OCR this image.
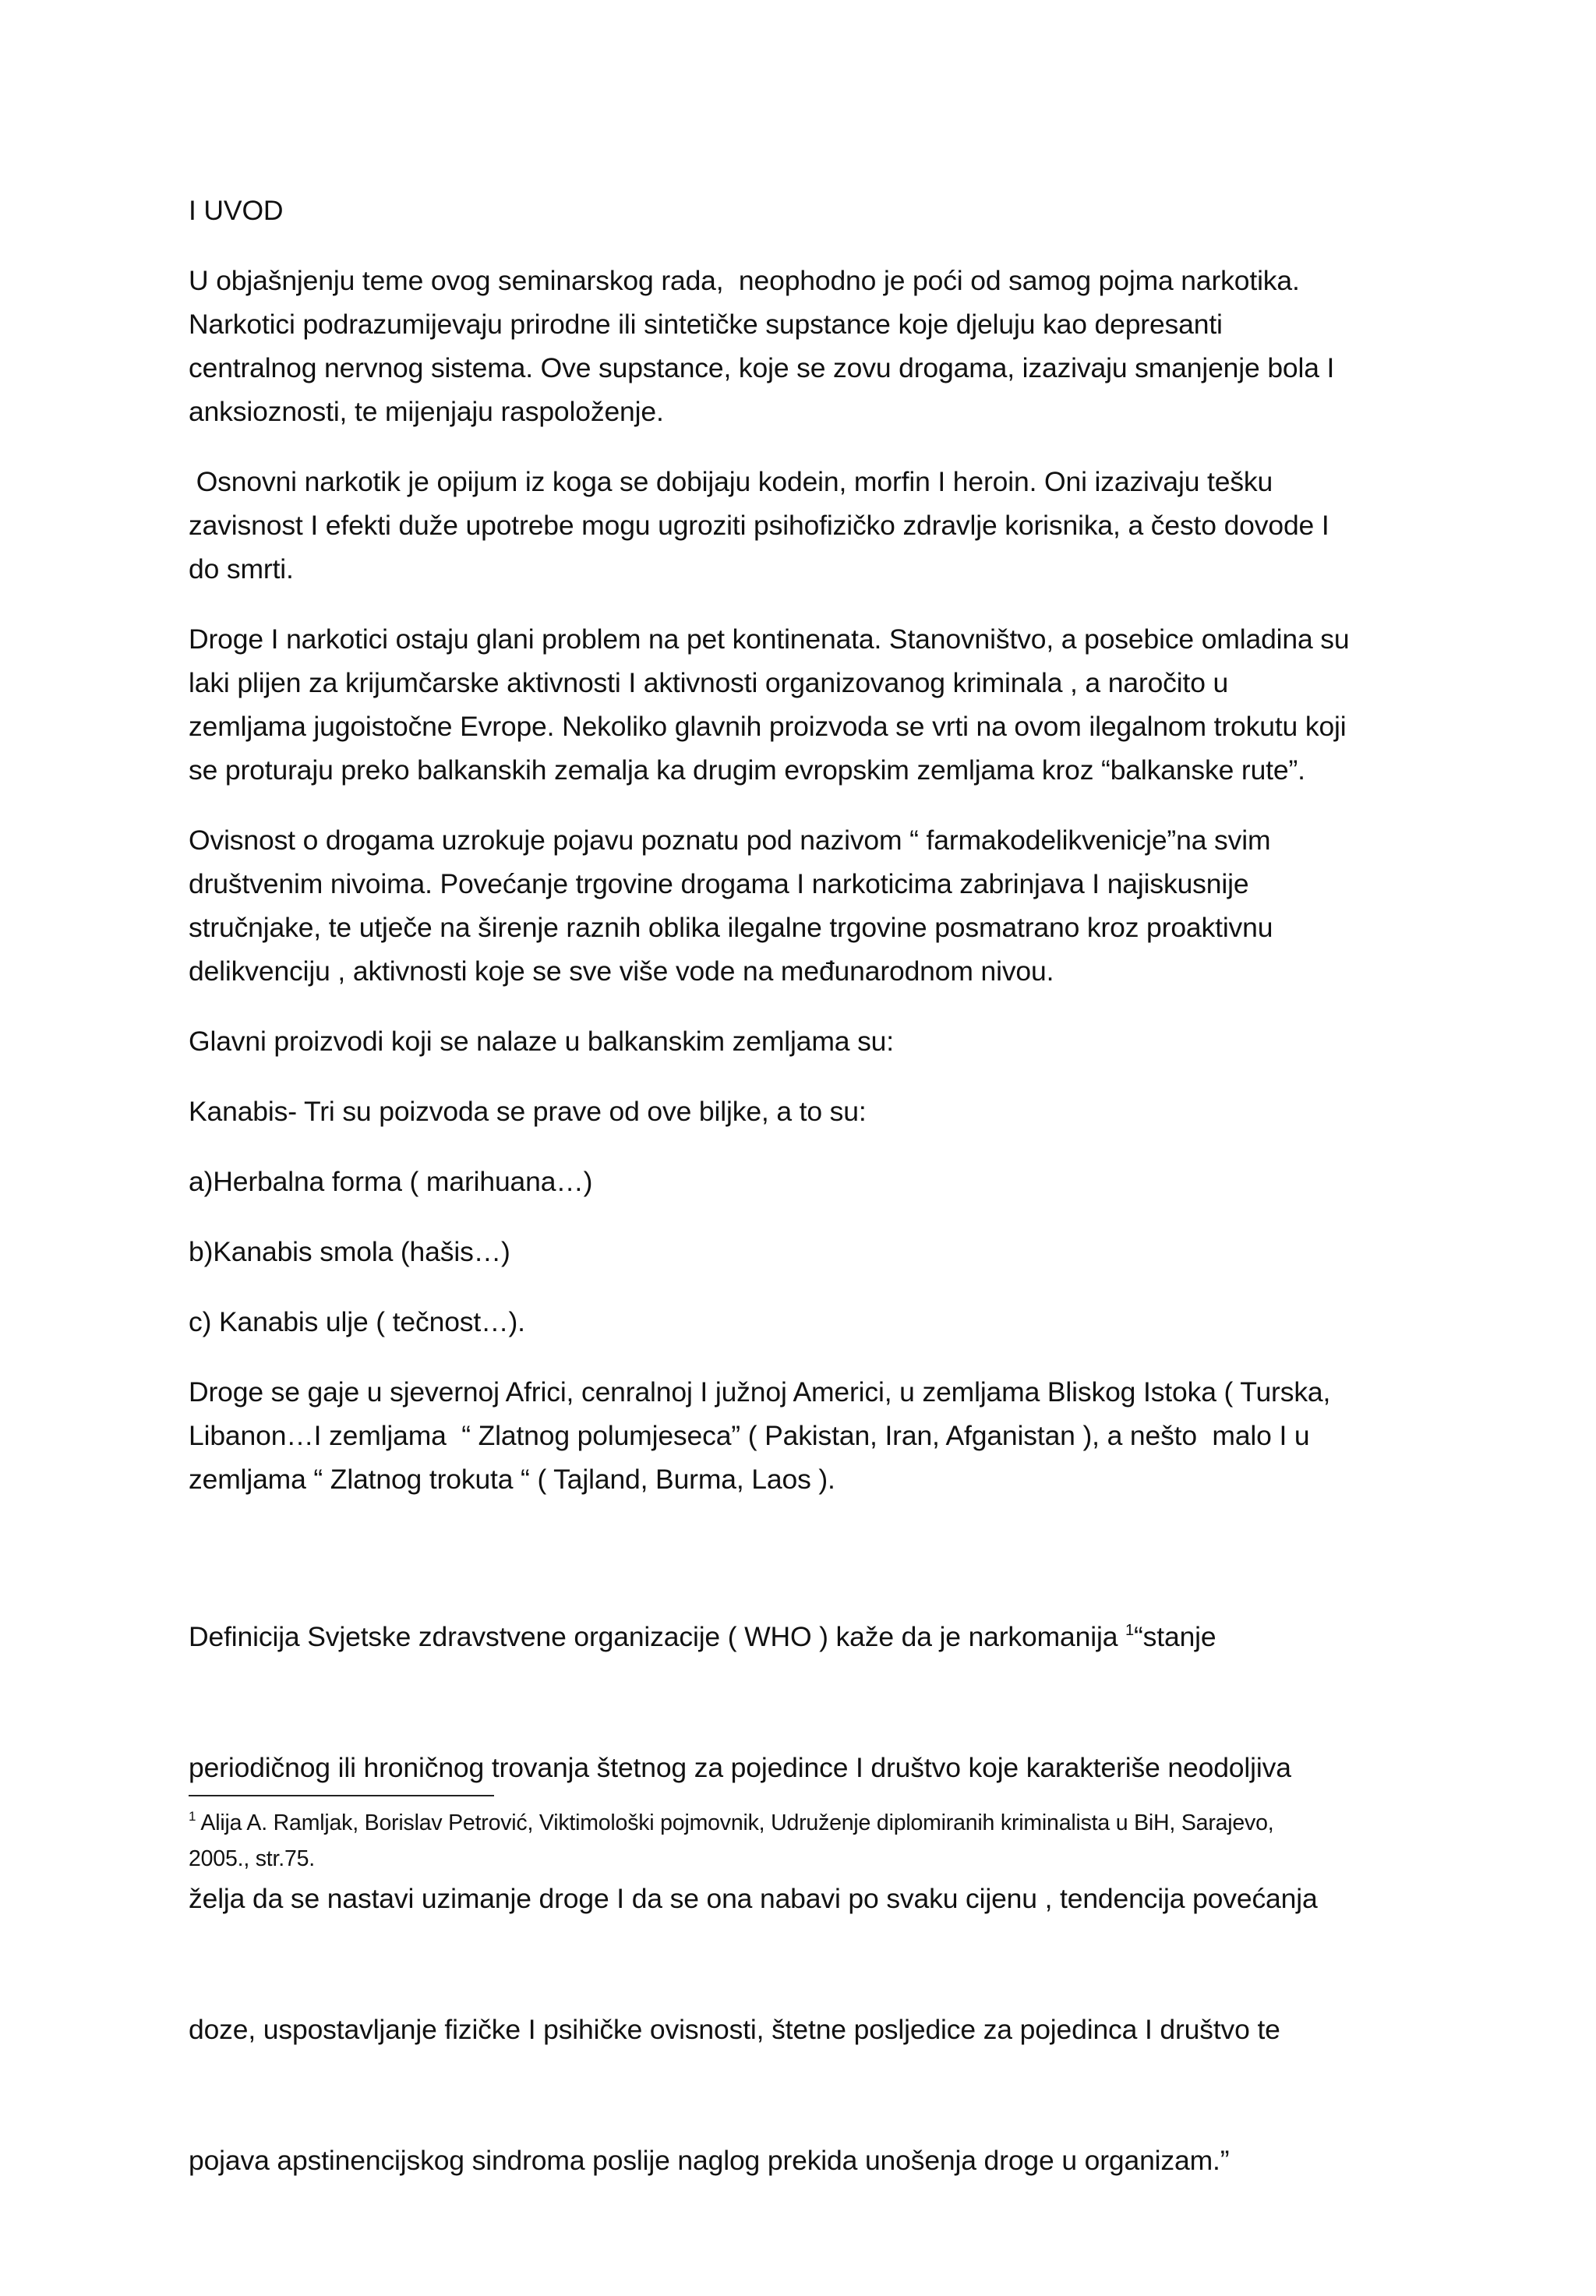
I UVOD
U objašnjenju teme ovog seminarskog rada,  neophodno je poći od samog pojma narkotika.
Narkotici podrazumijevaju prirodne ili sintetičke supstance koje djeluju kao depresanti
centralnog nervnog sistema. Ove supstance, koje se zovu drogama, izazivaju smanjenje bola I
anksioznosti, te mijenjaju raspoloženje.
Osnovni narkotik je opijum iz koga se dobijaju kodein, morfin I heroin. Oni izazivaju tešku
zavisnost I efekti duže upotrebe mogu ugroziti psihofizičko zdravlje korisnika, a često dovode I
do smrti.
Droge I narkotici ostaju glani problem na pet kontinenata. Stanovništvo, a posebice omladina su
laki plijen za krijumčarske aktivnosti I aktivnosti organizovanog kriminala , a naročito u
zemljama jugoistočne Evrope. Nekoliko glavnih proizvoda se vrti na ovom ilegalnom trokutu koji
se proturaju preko balkanskih zemalja ka drugim evropskim zemljama kroz “balkanske rute”.
Ovisnost o drogama uzrokuje pojavu poznatu pod nazivom “ farmakodelikvenicje”na svim
društvenim nivoima. Povećanje trgovine drogama I narkoticima zabrinjava I najiskusnije
stručnjake, te utječe na širenje raznih oblika ilegalne trgovine posmatrano kroz proaktivnu
delikvenciju , aktivnosti koje se sve više vode na međunarodnom nivou.
Glavni proizvodi koji se nalaze u balkanskim zemljama su:
Kanabis- Tri su poizvoda se prave od ove biljke, a to su:
a)Herbalna forma ( marihuana…)
b)Kanabis smola (hašis…)
c) Kanabis ulje ( tečnost…).
Droge se gaje u sjevernoj Africi, cenralnoj I južnoj Americi, u zemljama Bliskog Istoka ( Turska,
Libanon…I zemljama  “ Zlatnog polumjeseca” ( Pakistan, Iran, Afganistan ), a nešto  malo I u
zemljama “ Zlatnog trokuta “ ( Tajland, Burma, Laos ).

Definicija Svjetske zdravstvene organizacije ( WHO ) kaže da je narkomanija $^1$“stanje

periodičnog ili hroničnog trovanja štetnog za pojedince I društvo koje karakteriše neodoljiva

želja da se nastavi uzimanje droge I da se ona nabavi po svaku cijenu , tendencija povećanja

doze, uspostavljanje fizičke I psihičke ovisnosti, štetne posljedice za pojedinca I društvo te

pojava apstinencijskog sindroma poslije naglog prekida unošenja droge u organizam.”

$^1$ Alija A. Ramljak, Borislav Petrović, Viktimološki pojmovnik, Udruženje diplomiranih kriminalista u BiH, Sarajevo,
2005., str.75.
